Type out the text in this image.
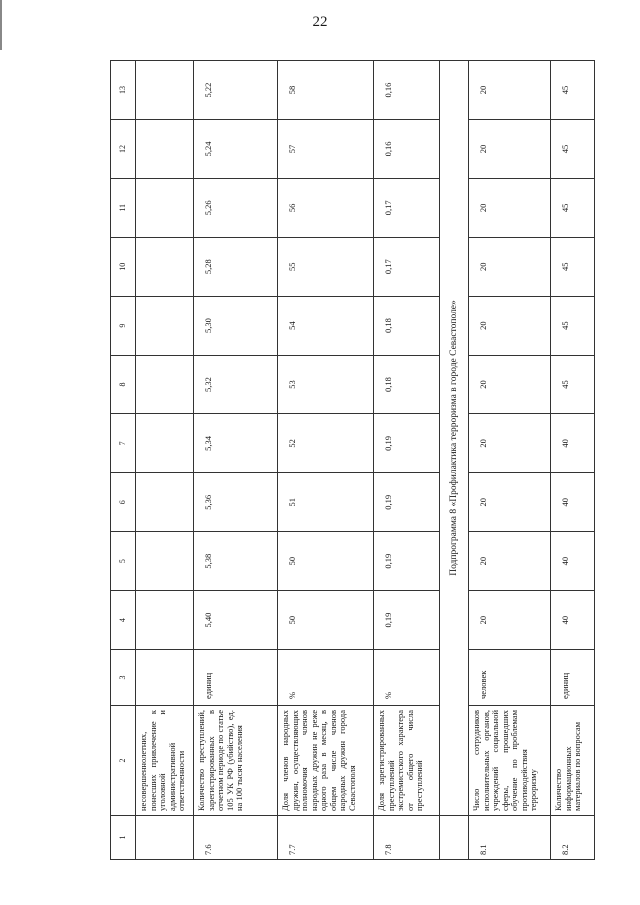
22
1	2	3	4	5	6	7	8	9	10	11	12	13
	несовершеннолетних, понесших привлечение к уголовной и административной ответственности											
7.6	Количество преступлений, зарегистрированных в отчетном периоде по статье 105 УК РФ (убийство), ед. на 100 тысяч населения	единиц	5,40	5,38	5,36	5,34	5,32	5,30	5,28	5,26	5,24	5,22
7.7	Доля членов народных дружин, осуществляющих полномочия членов народных дружин не реже одного раза в месяц, в общем числе членов народных дружин города Севастополя	%	50	50	51	52	53	54	55	56	57	58
7.8	Доля зарегистрированных преступлений экстремистского характера от общего числа преступлений	%	0,19	0,19	0,19	0,19	0,18	0,18	0,17	0,17	0,16	0,16
	Подпрограмма 8 «Профилактика терроризма в городе Севастополе»											
8.1	Число сотрудников исполнительных органов, учреждений социальной сферы, прошедших обучение по проблемам противодействия терроризму	человек	20	20	20	20	20	20	20	20	20	20
8.2	Количество информационных материалов по вопросам	единиц	40	40	40	40	45	45	45	45	45	45
